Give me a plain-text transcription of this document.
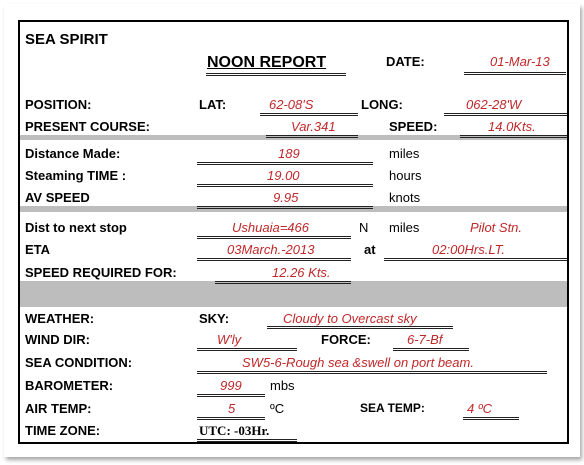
SEA SPIRIT
NOON REPORT	DATE:	01-Mar-13
POSITION:	LAT:	62-08'S	LONG:	062-28'W
PRESENT COURSE:	Var.341	SPEED:	14.0Kts.
Distance Made:	189	miles
Steaming TIME :	19.00	hours
AV SPEED	9.95	knots
Dist to next stop	Ushuaia=466	N miles	Pilot Stn.
ETA	03March.-2013	at	02:00Hrs.LT.
SPEED REQUIRED FOR:	12.26 Kts.
WEATHER:	SKY:	Cloudy to Overcast sky
WIND DIR:	W'ly	FORCE:	6-7-Bf
SEA CONDITION:	SW5-6-Rough sea &swell on port beam.
BAROMETER:	999 mbs
AIR TEMP:	5	ºC	SEA TEMP:	4 ºC
TIME ZONE:	UTC: -03Hr.
